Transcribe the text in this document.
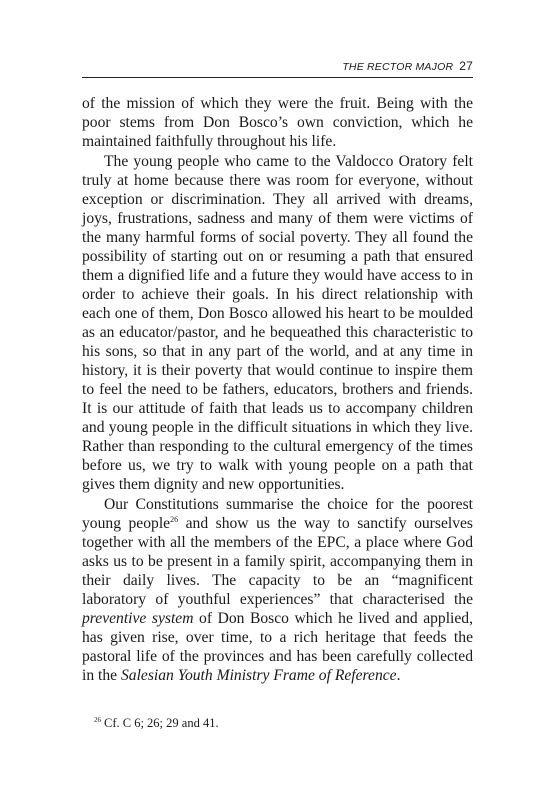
THE RECTOR MAJOR 27

of the mission of which they were the fruit. Being with the poor stems from Don Bosco’s own conviction, which he maintained faithfully throughout his life.

The young people who came to the Valdocco Oratory felt truly at home because there was room for everyone, without exception or discrimination. They all arrived with dreams, joys, frustrations, sadness and many of them were victims of the many harmful forms of social poverty. They all found the possibility of starting out on or resuming a path that ensured them a dignified life and a future they would have access to in order to achieve their goals. In his direct relationship with each one of them, Don Bosco allowed his heart to be moulded as an educator/pastor, and he bequeathed this characteristic to his sons, so that in any part of the world, and at any time in history, it is their poverty that would continue to inspire them to feel the need to be fathers, educators, brothers and friends. It is our attitude of faith that leads us to accompany children and young people in the difficult situations in which they live. Rather than responding to the cultural emergency of the times before us, we try to walk with young people on a path that gives them dignity and new opportunities.

Our Constitutions summarise the choice for the poorest young people$^{26}$ and show us the way to sanctify ourselves together with all the members of the EPC, a place where God asks us to be present in a family spirit, accompanying them in their daily lives. The capacity to be an “magnificent laboratory of youthful experiences” that characterised the preventive system of Don Bosco which he lived and applied, has given rise, over time, to a rich heritage that feeds the pastoral life of the provinces and has been carefully collected in the Salesian Youth Ministry Frame of Reference.

$^{26}$ Cf. C 6; 26; 29 and 41.
